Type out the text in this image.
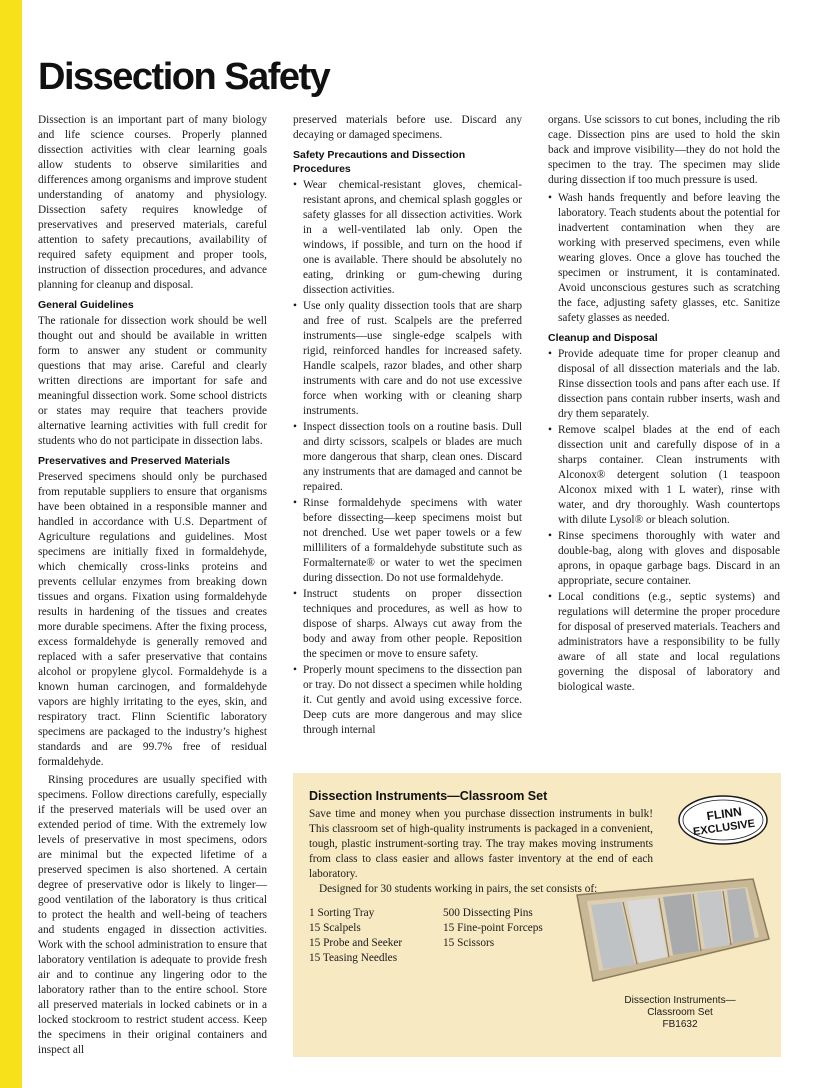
Dissection Safety

Dissection is an important part of many biology and life science courses. Properly planned dissection activities with clear learning goals allow students to observe similarities and differences among organisms and improve student understanding of anatomy and physiology. Dissection safety requires knowledge of preservatives and preserved materials, careful attention to safety precautions, availability of required safety equipment and proper tools, instruction of dissection procedures, and advance planning for cleanup and disposal.

General Guidelines

The rationale for dissection work should be well thought out and should be available in written form to answer any student or community questions that may arise. Careful and clearly written directions are important for safe and meaningful dissection work. Some school districts or states may require that teachers provide alternative learning activities with full credit for students who do not participate in dissection labs.

Preservatives and Preserved Materials

Preserved specimens should only be purchased from reputable suppliers to ensure that organisms have been obtained in a responsible manner and handled in accordance with U.S. Department of Agriculture regulations and guidelines. Most specimens are initially fixed in formaldehyde, which chemically cross-links proteins and prevents cellular enzymes from breaking down tissues and organs. Fixation using formaldehyde results in hardening of the tissues and creates more durable specimens. After the fixing process, excess formaldehyde is generally removed and replaced with a safer preservative that contains alcohol or propylene glycol. Formaldehyde is a known human carcinogen, and formaldehyde vapors are highly irritating to the eyes, skin, and respiratory tract. Flinn Scientific laboratory specimens are packaged to the industry’s highest standards and are 99.7% free of residual formaldehyde.

Rinsing procedures are usually specified with specimens. Follow directions carefully, especially if the preserved materials will be used over an extended period of time. With the extremely low levels of preservative in most specimens, odors are minimal but the expected lifetime of a preserved specimen is also shortened. A certain degree of preservative odor is likely to linger—good ventilation of the laboratory is thus critical to protect the health and well-being of teachers and students engaged in dissection activities. Work with the school administration to ensure that laboratory ventilation is adequate to provide fresh air and to continue any lingering odor to the laboratory rather than to the entire school. Store all preserved materials in locked cabinets or in a locked stockroom to restrict student access. Keep the specimens in their original containers and inspect all

preserved materials before use. Discard any decaying or damaged specimens.

Safety Precautions and Dissection Procedures
• Wear chemical-resistant gloves, chemical-resistant aprons, and chemical splash goggles or safety glasses for all dissection activities. Work in a well-ventilated lab only. Open the windows, if possible, and turn on the hood if one is available. There should be absolutely no eating, drinking or gum-chewing during dissection activities.
• Use only quality dissection tools that are sharp and free of rust. Scalpels are the preferred instruments—use single-edge scalpels with rigid, reinforced handles for increased safety. Handle scalpels, razor blades, and other sharp instruments with care and do not use excessive force when working with or cleaning sharp instruments.
• Inspect dissection tools on a routine basis. Dull and dirty scissors, scalpels or blades are much more dangerous that sharp, clean ones. Discard any instruments that are damaged and cannot be repaired.
• Rinse formaldehyde specimens with water before dissecting—keep specimens moist but not drenched. Use wet paper towels or a few milliliters of a formaldehyde substitute such as Formalternate® or water to wet the specimen during dissection. Do not use formaldehyde.
• Instruct students on proper dissection techniques and procedures, as well as how to dispose of sharps. Always cut away from the body and away from other people. Reposition the specimen or move to ensure safety.
• Properly mount specimens to the dissection pan or tray. Do not dissect a specimen while holding it. Cut gently and avoid using excessive force. Deep cuts are more dangerous and may slice through internal

organs. Use scissors to cut bones, including the rib cage. Dissection pins are used to hold the skin back and improve visibility—they do not hold the specimen to the tray. The specimen may slide during dissection if too much pressure is used.

• Wash hands frequently and before leaving the laboratory. Teach students about the potential for inadvertent contamination when they are working with preserved specimens, even while wearing gloves. Once a glove has touched the specimen or instrument, it is contaminated. Avoid unconscious gestures such as scratching the face, adjusting safety glasses, etc. Sanitize safety glasses as needed.
Cleanup and Disposal
• Provide adequate time for proper cleanup and disposal of all dissection materials and the lab. Rinse dissection tools and pans after each use. If dissection pans contain rubber inserts, wash and dry them separately.
• Remove scalpel blades at the end of each dissection unit and carefully dispose of in a sharps container. Clean instruments with Alconox® detergent solution (1 teaspoon Alconox mixed with 1 L water), rinse with water, and dry thoroughly. Wash countertops with dilute Lysol® or bleach solution.
• Rinse specimens thoroughly with water and double-bag, along with gloves and disposable aprons, in opaque garbage bags. Discard in an appropriate, secure container.
• Local conditions (e.g., septic systems) and regulations will determine the proper procedure for disposal of preserved materials. Teachers and administrators have a responsibility to be fully aware of all state and local regulations governing the disposal of laboratory and biological waste.
Dissection Instruments—Classroom Set
FLINN
EXCLUSIVE

Save time and money when you purchase dissection instruments in bulk! This classroom set of high-quality instruments is packaged in a convenient, tough, plastic instrument-sorting tray. The tray makes moving instruments from class to class easier and allows faster inventory at the end of each laboratory.

Designed for 30 students working in pairs, the set consists of:

1 Sorting Tray	500 Dissecting Pins
15 Scalpels	15 Fine-point Forceps
15 Probe and Seeker	15 Scissors
15 Teasing Needles
Dissection Instruments—
Classroom Set
FB1632
